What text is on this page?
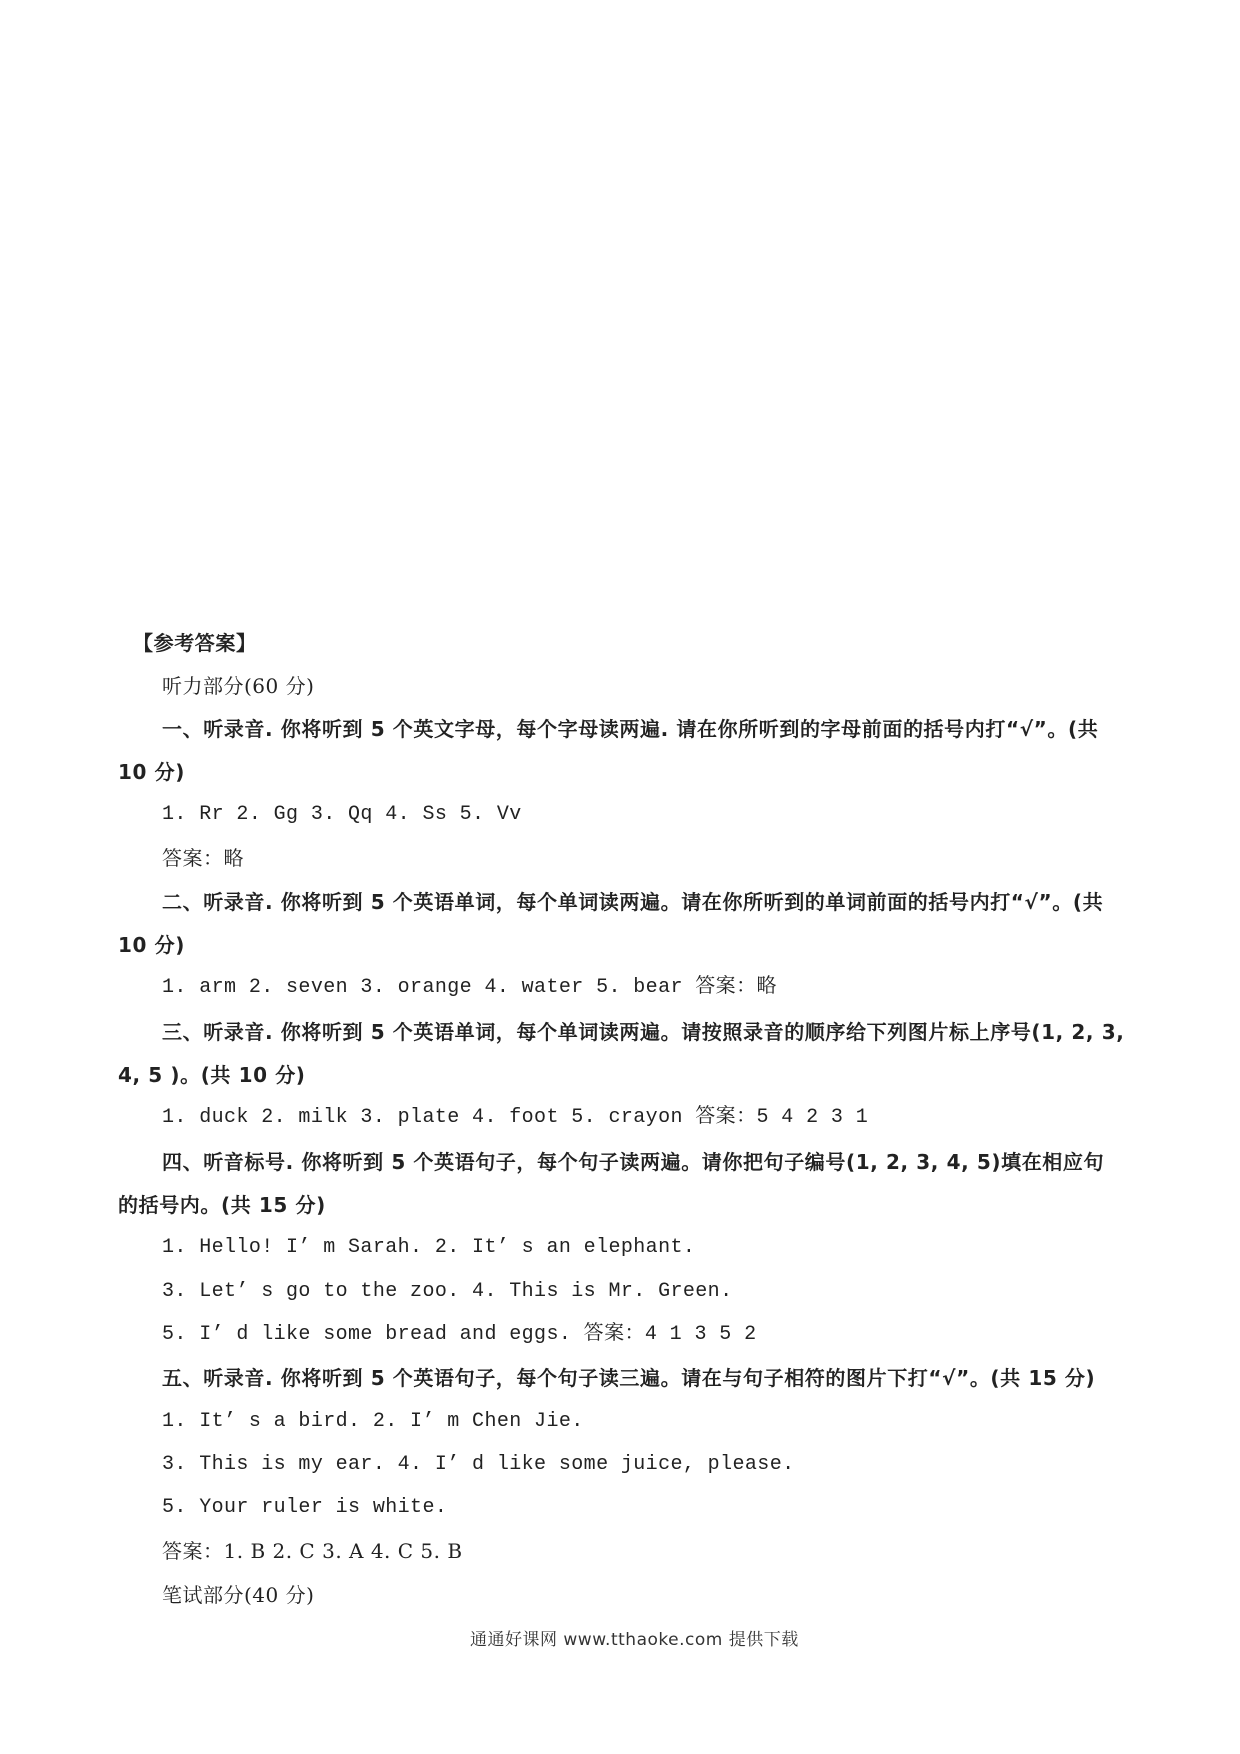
【参考答案】
听力部分(60 分)
一、听录音. 你将听到 5 个英文字母，每个字母读两遍. 请在你所听到的字母前面的括号内打“√”。(共
10 分)
1. Rr 2. Gg 3. Qq 4. Ss 5. Vv
答案：略
二、听录音. 你将听到 5 个英语单词，每个单词读两遍。请在你所听到的单词前面的括号内打“√”。(共
10 分)
1. arm 2. seven 3. orange 4. water 5. bear 答案：略
三、听录音. 你将听到 5 个英语单词，每个单词读两遍。请按照录音的顺序给下列图片标上序号(1, 2, 3,
4, 5 )。(共 10 分)
1. duck 2. milk 3. plate 4. foot 5. crayon 答案：5 4 2 3 1
四、听音标号. 你将听到 5 个英语句子，每个句子读两遍。请你把句子编号(1, 2, 3, 4, 5)填在相应句
的括号内。(共 15 分)
1. Hello! I’ m Sarah. 2. It’ s an elephant.
3. Let’ s go to the zoo. 4. This is Mr. Green.
5. I’ d like some bread and eggs. 答案：4 1 3 5 2
五、听录音. 你将听到 5 个英语句子，每个句子读三遍。请在与句子相符的图片下打“√”。(共 15 分)
1. It’ s a bird. 2. I’ m Chen Jie.
3. This is my ear. 4. I’ d like some juice, please.
5. Your ruler is white.
答案：1. B 2. C 3. A 4. C 5. B
笔试部分(40 分)
通通好课网 www.tthaoke.com 提供下载
